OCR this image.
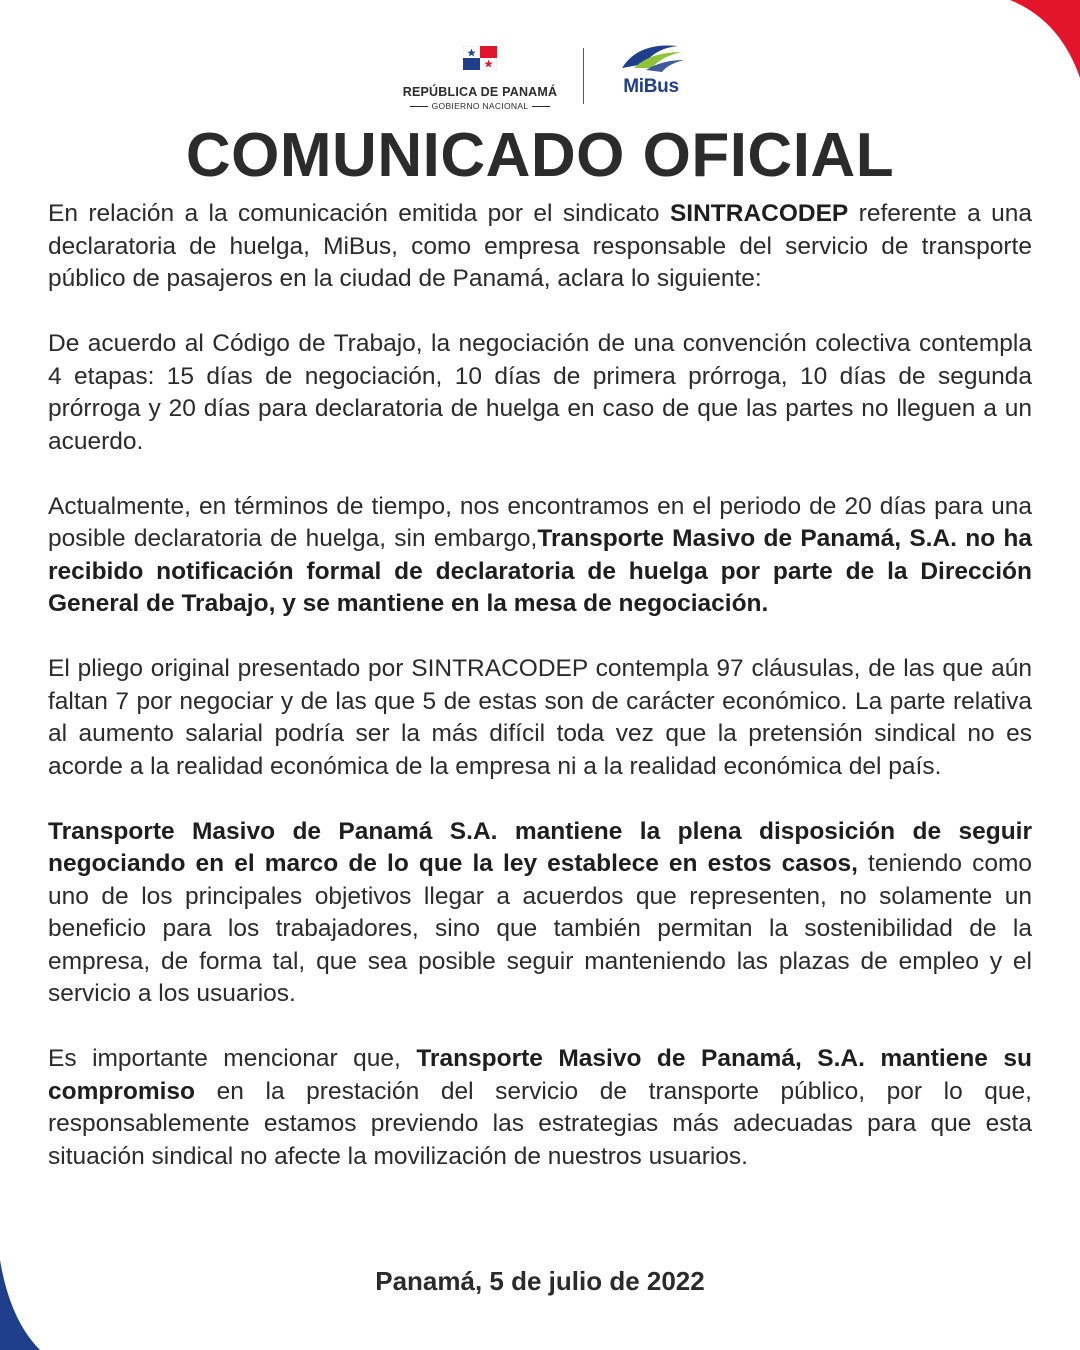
REPÚBLICA DE PANAMÁ
GOBIERNO NACIONAL
MiBus
COMUNICADO OFICIAL

En relación a la comunicación emitida por el sindicato SINTRACODEP referente a una declaratoria de huelga, MiBus, como empresa responsable del servicio de transporte público de pasajeros en la ciudad de Panamá, aclara lo siguiente:

De acuerdo al Código de Trabajo, la negociación de una convención colectiva contempla 4 etapas: 15 días de negociación, 10 días de primera prórroga, 10 días de segunda prórroga y 20 días para declaratoria de huelga en caso de que las partes no lleguen a un acuerdo.

Actualmente, en términos de tiempo, nos encontramos en el periodo de 20 días para una posible declaratoria de huelga, sin embargo,Transporte Masivo de Panamá, S.A. no ha recibido notificación formal de declaratoria de huelga por parte de la Dirección General de Trabajo, y se mantiene en la mesa de negociación.

El pliego original presentado por SINTRACODEP contempla 97 cláusulas, de las que aún faltan 7 por negociar y de las que 5 de estas son de carácter económico. La parte relativa al aumento salarial podría ser la más difícil toda vez que la pretensión sindical no es acorde a la realidad económica de la empresa ni a la realidad económica del país.

Transporte Masivo de Panamá S.A. mantiene la plena disposición de seguir negociando en el marco de lo que la ley establece en estos casos, teniendo como uno de los principales objetivos llegar a acuerdos que representen, no solamente un beneficio para los trabajadores, sino que también permitan la sostenibilidad de la empresa, de forma tal, que sea posible seguir manteniendo las plazas de empleo y el servicio a los usuarios.

Es importante mencionar que, Transporte Masivo de Panamá, S.A. mantiene su compromiso en la prestación del servicio de transporte público, por lo que, responsablemente estamos previendo las estrategias más adecuadas para que esta situación sindical no afecte la movilización de nuestros usuarios.

Panamá, 5 de julio de 2022
